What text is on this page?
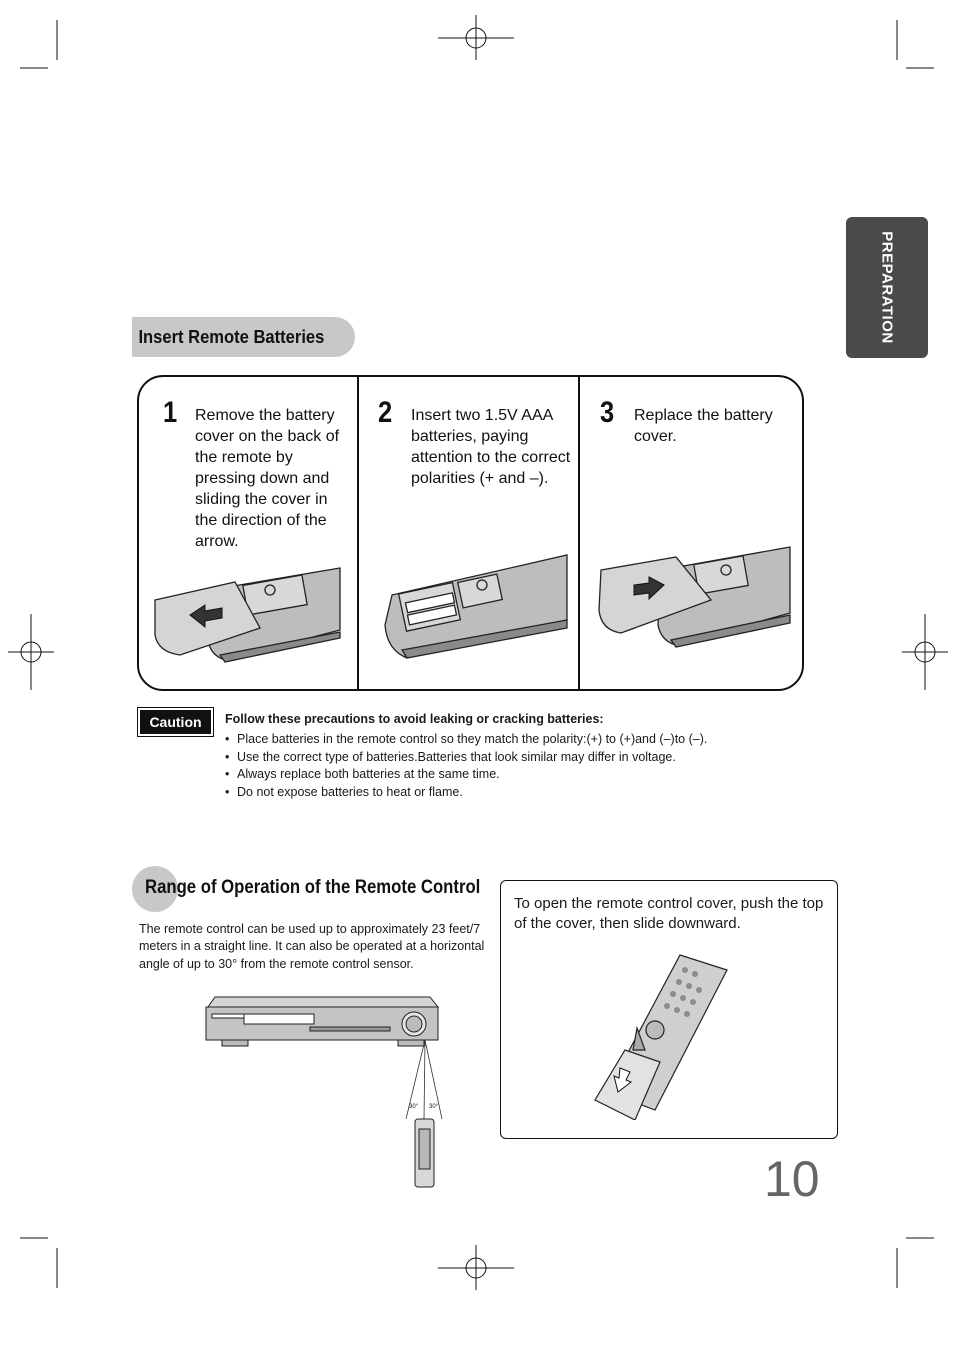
PREPARATION
Insert Remote Batteries
1 Remove the battery cover on the back of the remote by pressing down and sliding the cover in the direction of the arrow.
2 Insert two 1.5V AAA batteries, paying attention to the correct polarities (+ and –).
3 Replace the battery cover.
Caution	Follow these precautions to avoid leaking or cracking batteries:
• Place batteries in the remote control so they match the polarity:(+) to (+)and (–)to (–).
• Use the correct type of batteries.Batteries that look similar may differ in voltage.
• Always replace both batteries at the same time.
• Do not expose batteries to heat or flame.
Range of Operation of the Remote Control
The remote control can be used up to approximately 23 feet/7 meters in a straight line. It can also be operated at a horizontal angle of up to 30° from the remote control sensor.
30° 30°
To open the remote control cover, push the top of the cover, then slide downward.
10
